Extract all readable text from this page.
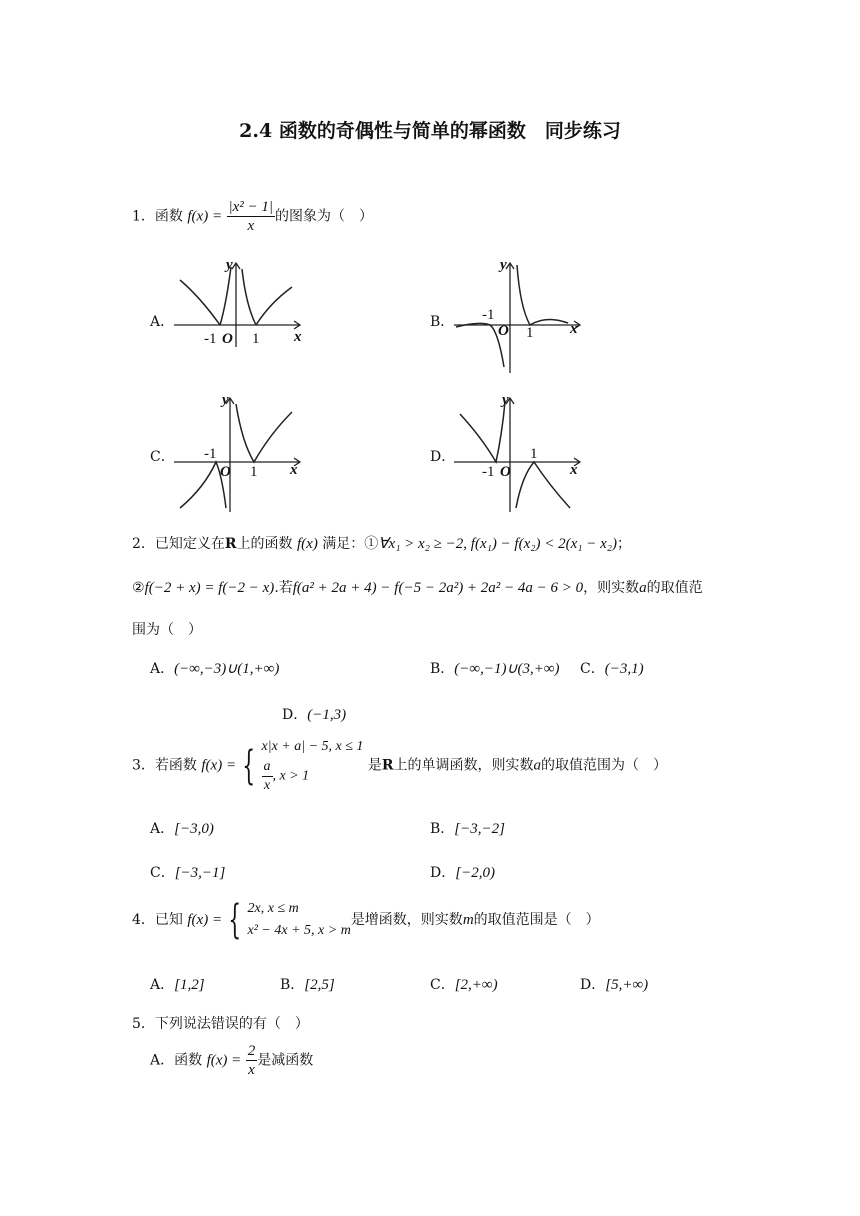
2.4 函数的奇偶性与简单的幂函数　同步练习
1．函数 $f(x) = \frac{\text{|x² − 1|}}{x}$ 的图象为（　）
A．	B．
C．	D．
y
x
-1 O 1
y
x
-1
O 1
y
x
-1
O 1
y
x
-1 O
1
2．已知定义在R上的函数 f(x) 满足：①∀x₁ > x₂ ≥ −2, f(x₁) − f(x₂) < 2(x₁ − x₂)；
②f(−2 + x) = f(−2 − x).若f(a² + 2a + 4) − f(−5 − 2a²) + 2a² − 4a − 6 > 0，则实数a的取值范
围为（　）
A．(−∞,−3)∪(1,+∞)	B．(−∞,−1)∪(3,+∞) C．(−3,1)
D．(−1,3)
3．若函数 f(x) = { x|x + a| − 5, x ≤ 1
$\frac{a}{x}$ , x > 1
是R上的单调函数，则实数a的取值范围为（　）
A．[−3,0)	B．[−3,−2]
C．[−3,−1]	D．[−2,0)
4．已知 f(x) = { 2x, x ≤ m
x² − 4x + 5, x > m
是增函数，则实数m的取值范围是（　）
A．[1,2]	B．[2,5]	C．[2,+∞)	D．[5,+∞)
5．下列说法错误的有（　）
A．函数 $f(x) = \frac{2}{x}$ 是减函数
